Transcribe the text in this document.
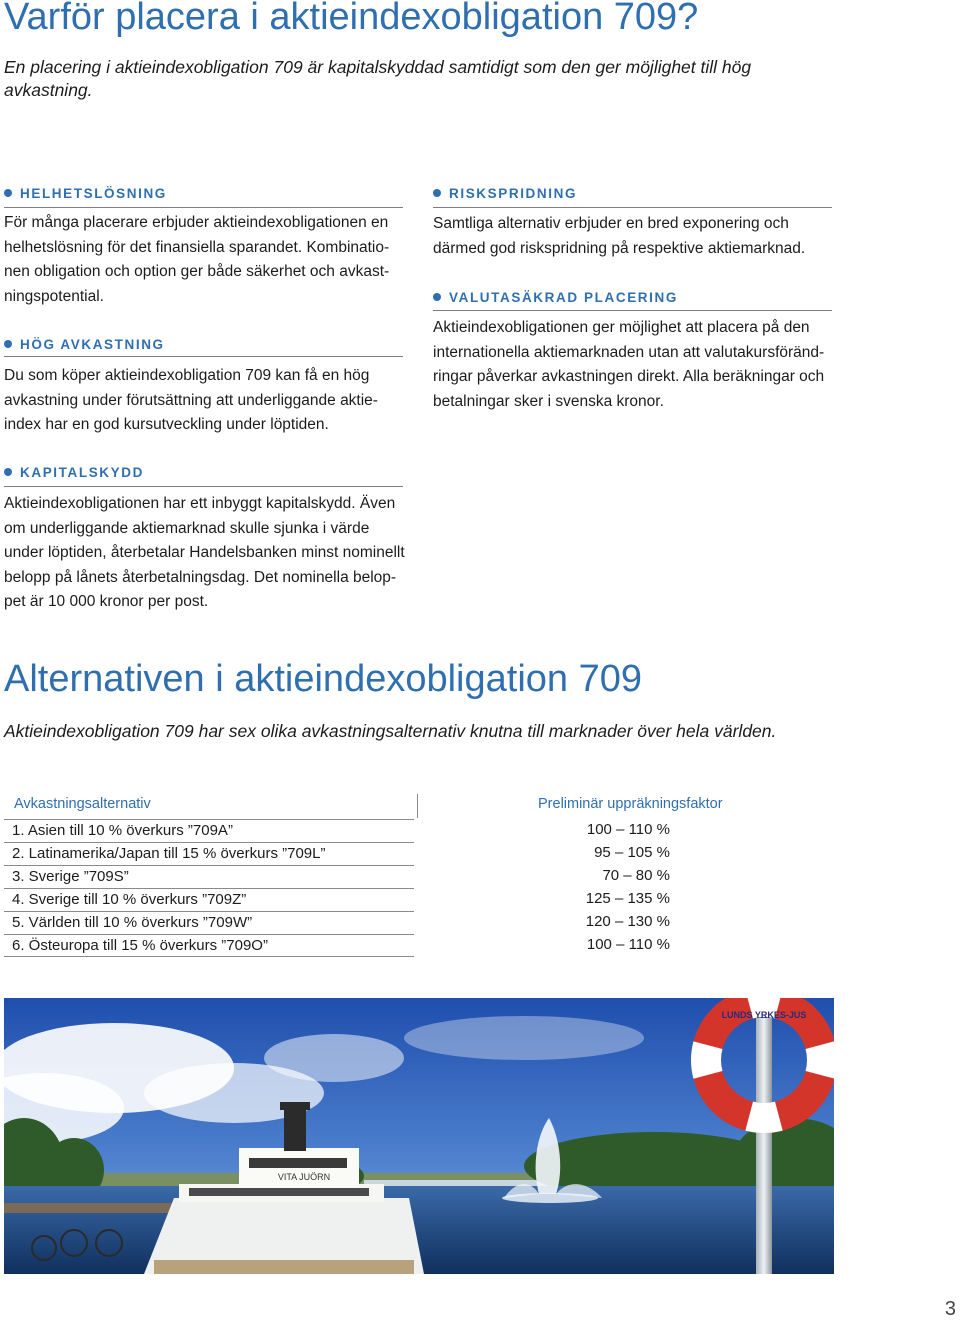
Varför placera i aktieindexobligation 709?

En placering i aktieindexobligation 709 är kapitalskyddad samtidigt som den ger möjlighet till hög avkastning.

HELHETSLÖSNING

För många placerare erbjuder aktieindexobligationen en

helhetslösning för det finansiella sparandet. Kombinatio-

nen obligation och option ger både säkerhet och avkast-

ningspotential.

HÖG AVKASTNING

Du som köper aktieindexobligation 709 kan få en hög

avkastning under förutsättning att underliggande aktie-

index har en god kursutveckling under löptiden.

RISKSPRIDNING

Samtliga alternativ erbjuder en bred exponering och

därmed god riskspridning på respektive aktiemarknad.

VALUTASÄKRAD PLACERING

Aktieindexobligationen ger möjlighet att placera på den

internationella aktiemarknaden utan att valutakursföränd-

ringar påverkar avkastningen direkt. Alla beräkningar och

betalningar sker i svenska kronor.

KAPITALSKYDD

Aktieindexobligationen har ett inbyggt kapitalskydd. Även

om underliggande aktiemarknad skulle sjunka i värde

under löptiden, återbetalar Handelsbanken minst nominellt

belopp på lånets återbetalningsdag. Det nominella belop-

pet är 10 000 kronor per post.

Alternativen i aktieindexobligation 709

Aktieindexobligation 709 har sex olika avkastningsalternativ knutna till marknader över hela världen.

Avkastningsalternativ	Preliminär uppräkningsfaktor
1. Asien till 10 % överkurs ”709A”	100 – 110 %
2. Latinamerika/Japan till 15 % överkurs ”709L”	95 – 105 %
3. Sverige ”709S”	70 – 80 %
4. Sverige till 10 % överkurs ”709Z”	125 – 135 %
5. Världen till 10 % överkurs ”709W”	120 – 130 %
6. Östeuropa till 15 % överkurs ”709O”	100 – 110 %
VITA JUÖRN
LUNDS YRKES-JUS
3
